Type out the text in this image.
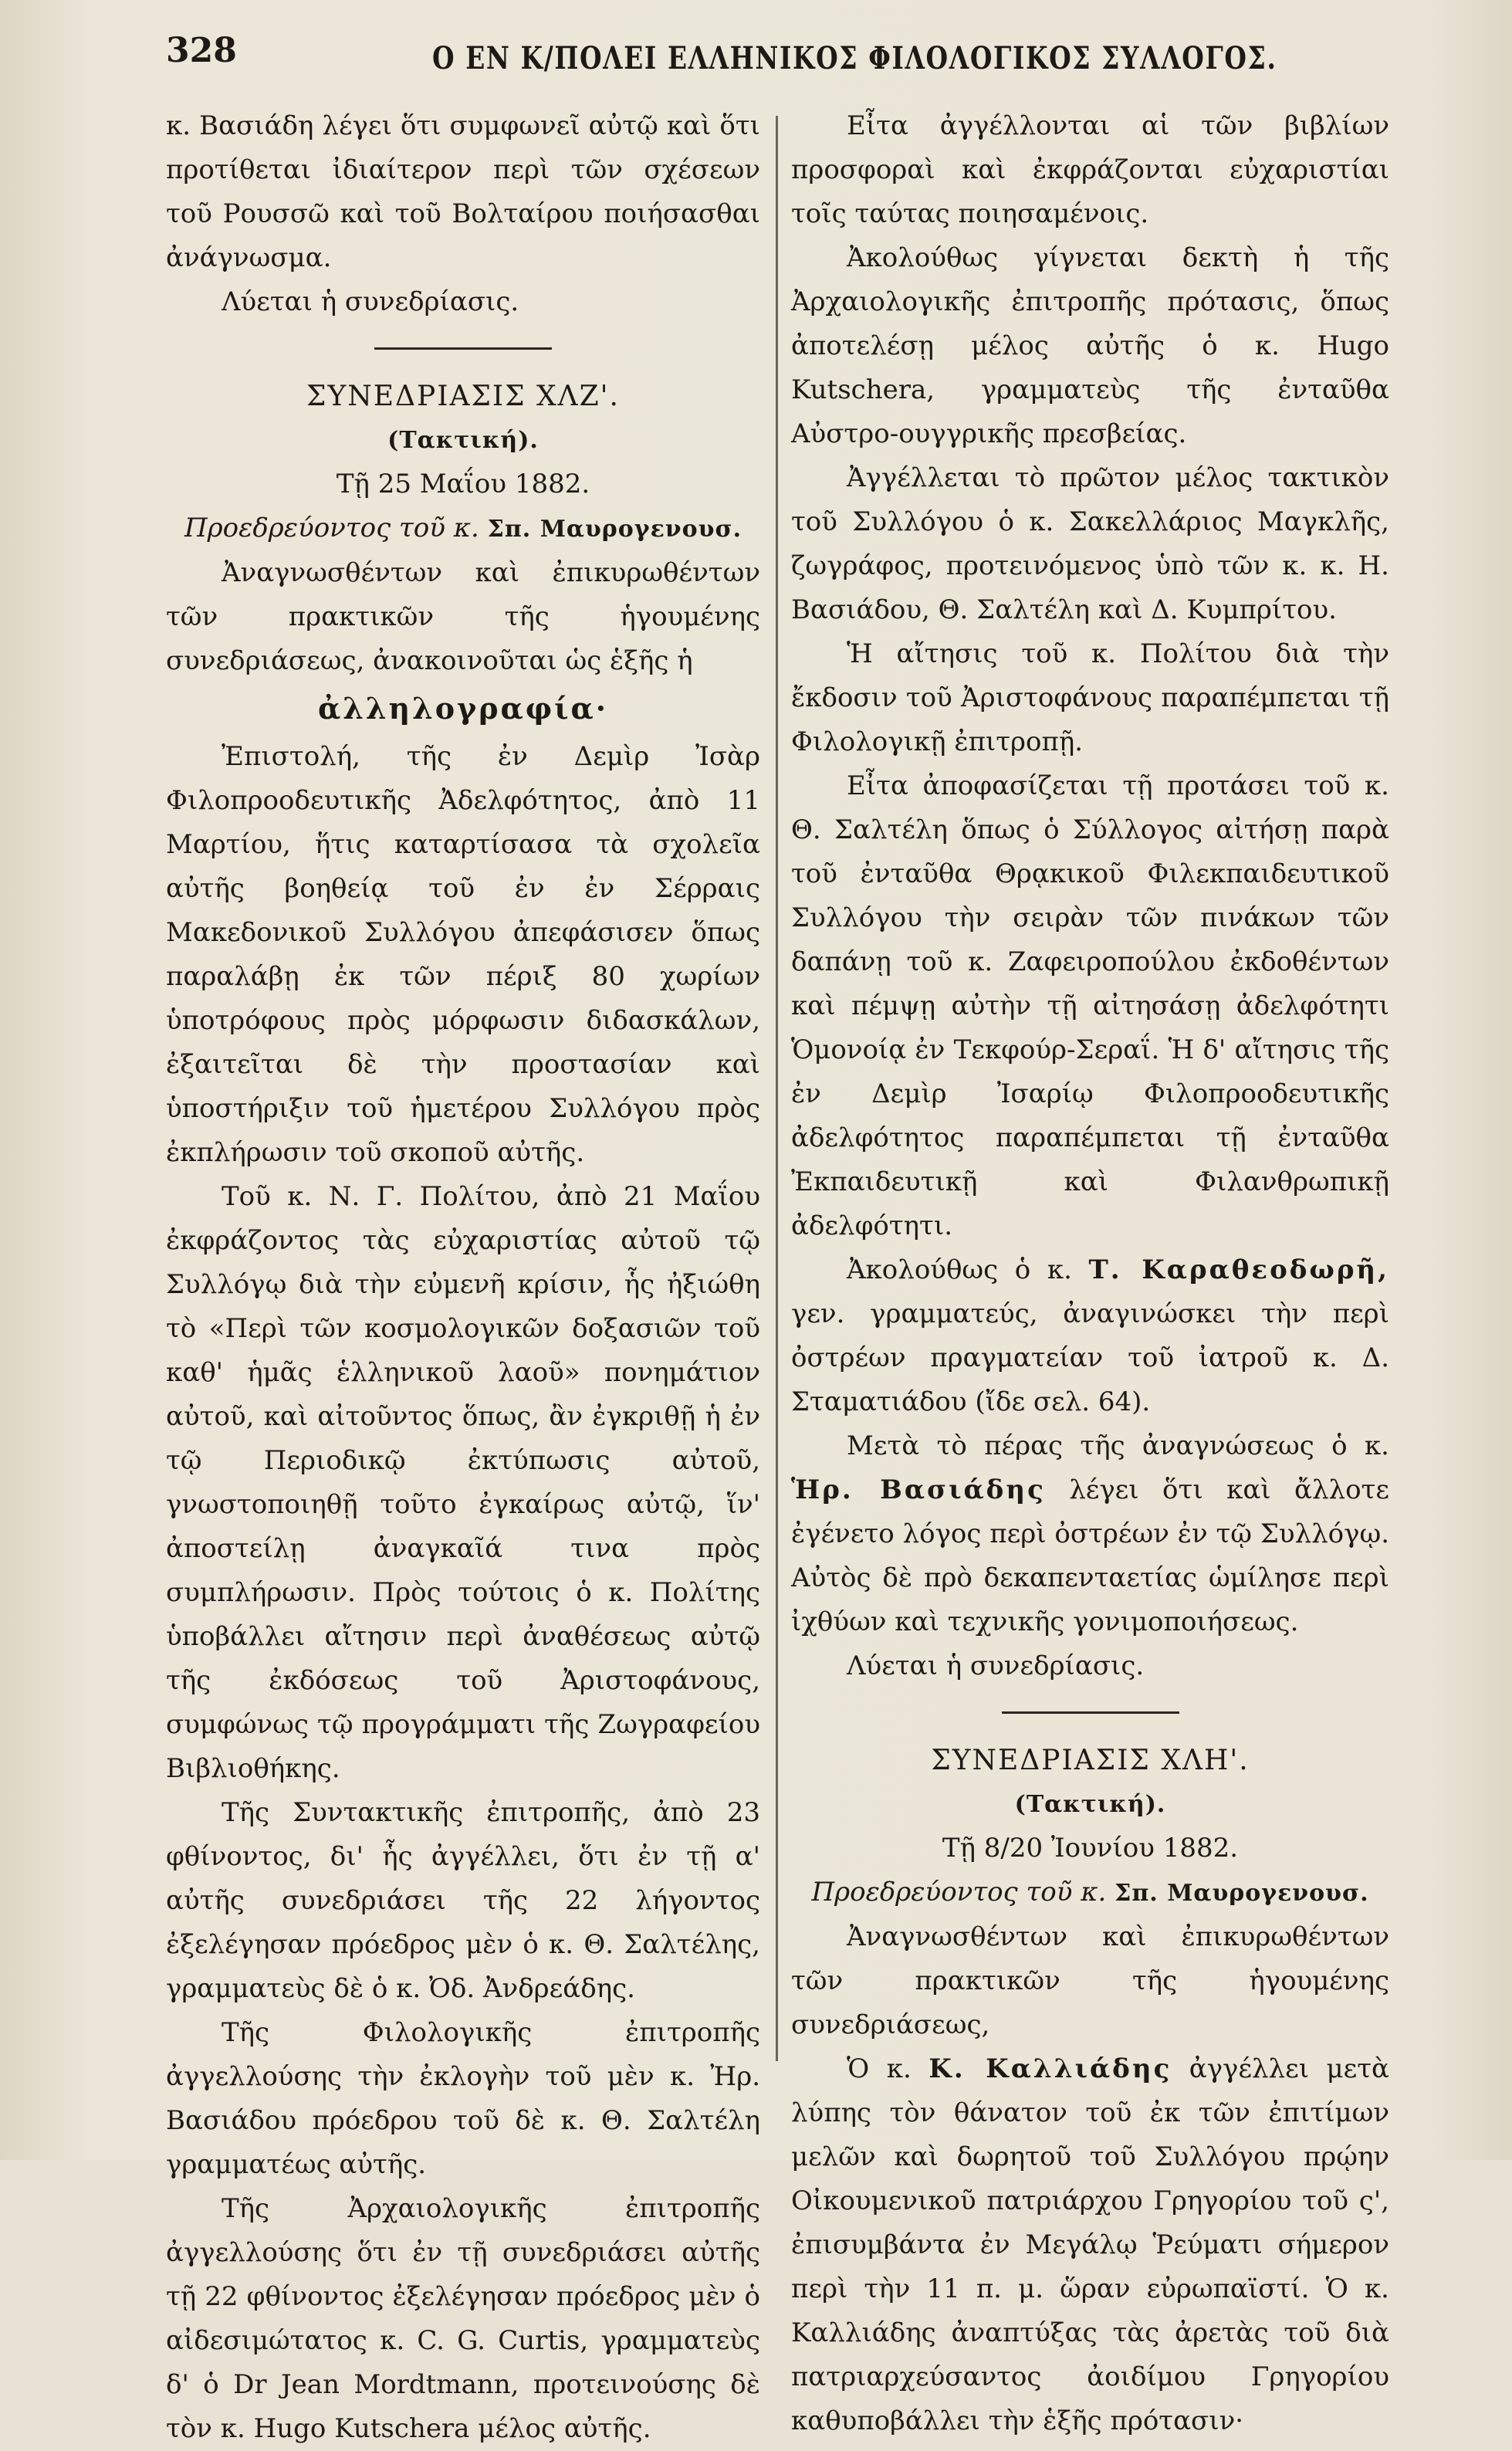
328	Ο ΕΝ Κ/ΠΟΛΕΙ ΕΛΛΗΝΙΚΟΣ ΦΙΛΟΛΟΓΙΚΟΣ ΣΥΛΛΟΓΟΣ.

κ. Βασιάδη λέγει ὅτι συμφωνεῖ αὐτῷ καὶ ὅτι προτίθεται ἰδιαίτερον περὶ τῶν σχέσεων τοῦ Ρουσσῶ καὶ τοῦ Βολταίρου ποιήσασθαι ἀνάγνωσμα.

Λύεται ἡ συνεδρίασις.

ΣΥΝΕΔΡΙΑΣΙΣ ΧΛΖ'.

(Τακτική).

Τῇ 25 Μαΐου 1882.

Προεδρεύοντος τοῦ κ. Σπ. Μαυρογενουσ.

Ἀναγνωσθέντων καὶ ἐπικυρωθέντων τῶν πρακτικῶν τῆς ἡγουμένης συνεδριάσεως, ἀνακοινοῦται ὡς ἑξῆς ἡ

ἀλληλογραφία·

Ἐπιστολή, τῆς ἐν Δεμὶρ Ἰσὰρ Φιλοπροοδευτικῆς Ἀδελφότητος, ἀπὸ 11 Μαρτίου, ἥτις καταρτίσασα τὰ σχολεῖα αὐτῆς βοηθείᾳ τοῦ ἐν ἐν Σέρραις Μακεδονικοῦ Συλλόγου ἀπεφάσισεν ὅπως παραλάβῃ ἐκ τῶν πέριξ 80 χωρίων ὑποτρόφους πρὸς μόρφωσιν διδασκάλων, ἐξαιτεῖται δὲ τὴν προστασίαν καὶ ὑποστήριξιν τοῦ ἡμετέρου Συλλόγου πρὸς ἐκπλήρωσιν τοῦ σκοποῦ αὐτῆς.

Τοῦ κ. Ν. Γ. Πολίτου, ἀπὸ 21 Μαΐου ἐκφράζοντος τὰς εὐχαριστίας αὐτοῦ τῷ Συλλόγῳ διὰ τὴν εὐμενῆ κρίσιν, ἧς ἠξιώθη τὸ «Περὶ τῶν κοσμολογικῶν δοξασιῶν τοῦ καθ' ἡμᾶς ἑλληνικοῦ λαοῦ» πονημάτιον αὐτοῦ, καὶ αἰτοῦντος ὅπως, ἂν ἐγκριθῇ ἡ ἐν τῷ Περιοδικῷ ἐκτύπωσις αὐτοῦ, γνωστοποιηθῇ τοῦτο ἐγκαίρως αὐτῷ, ἵν' ἀποστείλῃ ἀναγκαῖά τινα πρὸς συμπλήρωσιν. Πρὸς τούτοις ὁ κ. Πολίτης ὑποβάλλει αἴτησιν περὶ ἀναθέσεως αὐτῷ τῆς ἐκδόσεως τοῦ Ἀριστοφάνους, συμφώνως τῷ προγράμματι τῆς Ζωγραφείου Βιβλιοθήκης.

Τῆς Συντακτικῆς ἐπιτροπῆς, ἀπὸ 23 φθίνοντος, δι' ἧς ἀγγέλλει, ὅτι ἐν τῇ α' αὐτῆς συνεδριάσει τῆς 22 λήγοντος ἐξελέγησαν πρόεδρος μὲν ὁ κ. Θ. Σαλτέλης, γραμματεὺς δὲ ὁ κ. Ὀδ. Ἀνδρεάδης.

Τῆς Φιλολογικῆς ἐπιτροπῆς ἀγγελλούσης τὴν ἐκλογὴν τοῦ μὲν κ. Ἠρ. Βασιάδου πρόεδρου τοῦ δὲ κ. Θ. Σαλτέλη γραμματέως αὐτῆς.

Τῆς Ἀρχαιολογικῆς ἐπιτροπῆς ἀγγελλούσης ὅτι ἐν τῇ συνεδριάσει αὐτῆς τῇ 22 φθίνοντος ἐξελέγησαν πρόεδρος μὲν ὁ αἰδεσιμώτατος κ. C. G. Curtis, γραμματεὺς δ' ὁ Dr Jean Mordtmann, προτεινούσης δὲ τὸν κ. Hugo Kutschera μέλος αὐτῆς.

Εἶτα ἀγγέλλονται αἱ τῶν βιβλίων προσφοραὶ καὶ ἐκφράζονται εὐχαριστίαι τοῖς ταύτας ποιησαμένοις.

Ἀκολούθως γίγνεται δεκτὴ ἡ τῆς Ἀρχαιολογικῆς ἐπιτροπῆς πρότασις, ὅπως ἀποτελέσῃ μέλος αὐτῆς ὁ κ. Hugo Kutschera, γραμματεὺς τῆς ἐνταῦθα Αὐστρο-ουγγρικῆς πρεσβείας.

Ἀγγέλλεται τὸ πρῶτον μέλος τακτικὸν τοῦ Συλλόγου ὁ κ. Σακελλάριος Μαγκλῆς, ζωγράφος, προτεινόμενος ὑπὸ τῶν κ. κ. Η. Βασιάδου, Θ. Σαλτέλη καὶ Δ. Κυμπρίτου.

Ἡ αἴτησις τοῦ κ. Πολίτου διὰ τὴν ἔκδοσιν τοῦ Ἀριστοφάνους παραπέμπεται τῇ Φιλολογικῇ ἐπιτροπῇ.

Εἶτα ἀποφασίζεται τῇ προτάσει τοῦ κ. Θ. Σαλτέλη ὅπως ὁ Σύλλογος αἰτήσῃ παρὰ τοῦ ἐνταῦθα Θρᾳκικοῦ Φιλεκπαιδευτικοῦ Συλλόγου τὴν σειρὰν τῶν πινάκων τῶν δαπάνῃ τοῦ κ. Ζαφειροπούλου ἐκδοθέντων καὶ πέμψῃ αὐτὴν τῇ αἰτησάσῃ ἀδελφότητι Ὁμονοίᾳ ἐν Τεκφούρ-Σεραΐ. Ἡ δ' αἴτησις τῆς ἐν Δεμὶρ Ἰσαρίῳ Φιλοπροοδευτικῆς ἀδελφότητος παραπέμπεται τῇ ἐνταῦθα Ἐκπαιδευτικῇ καὶ Φιλανθρωπικῇ ἀδελφότητι.

Ἀκολούθως ὁ κ. Τ. Καραθεοδωρῆ, γεν. γραμματεύς, ἀναγινώσκει τὴν περὶ ὀστρέων πραγματείαν τοῦ ἰατροῦ κ. Δ. Σταματιάδου (ἴδε σελ. 64).

Μετὰ τὸ πέρας τῆς ἀναγνώσεως ὁ κ. Ἡρ. Βασιάδης λέγει ὅτι καὶ ἄλλοτε ἐγένετο λόγος περὶ ὀστρέων ἐν τῷ Συλλόγῳ. Αὐτὸς δὲ πρὸ δεκαπενταετίας ὡμίλησε περὶ ἰχθύων καὶ τεχνικῆς γονιμοποιήσεως.

Λύεται ἡ συνεδρίασις.

ΣΥΝΕΔΡΙΑΣΙΣ ΧΛΗ'.

(Τακτική).

Τῇ 8/20 Ἰουνίου 1882.

Προεδρεύοντος τοῦ κ. Σπ. Μαυρογενουσ.

Ἀναγνωσθέντων καὶ ἐπικυρωθέντων τῶν πρακτικῶν τῆς ἡγουμένης συνεδριάσεως,

Ὁ κ. Κ. Καλλιάδης ἀγγέλλει μετὰ λύπης τὸν θάνατον τοῦ ἐκ τῶν ἐπιτίμων μελῶν καὶ δωρητοῦ τοῦ Συλλόγου πρῴην Οἰκουμενικοῦ πατριάρχου Γρηγορίου τοῦ ς', ἐπισυμβάντα ἐν Μεγάλῳ Ῥεύματι σήμερον περὶ τὴν 11 π. μ. ὥραν εὐρωπαϊστί. Ὁ κ. Καλλιάδης ἀναπτύξας τὰς ἀρετὰς τοῦ διὰ πατριαρχεύσαντος ἀοιδίμου Γρηγορίου καθυποβάλλει τὴν ἑξῆς πρότασιν·
